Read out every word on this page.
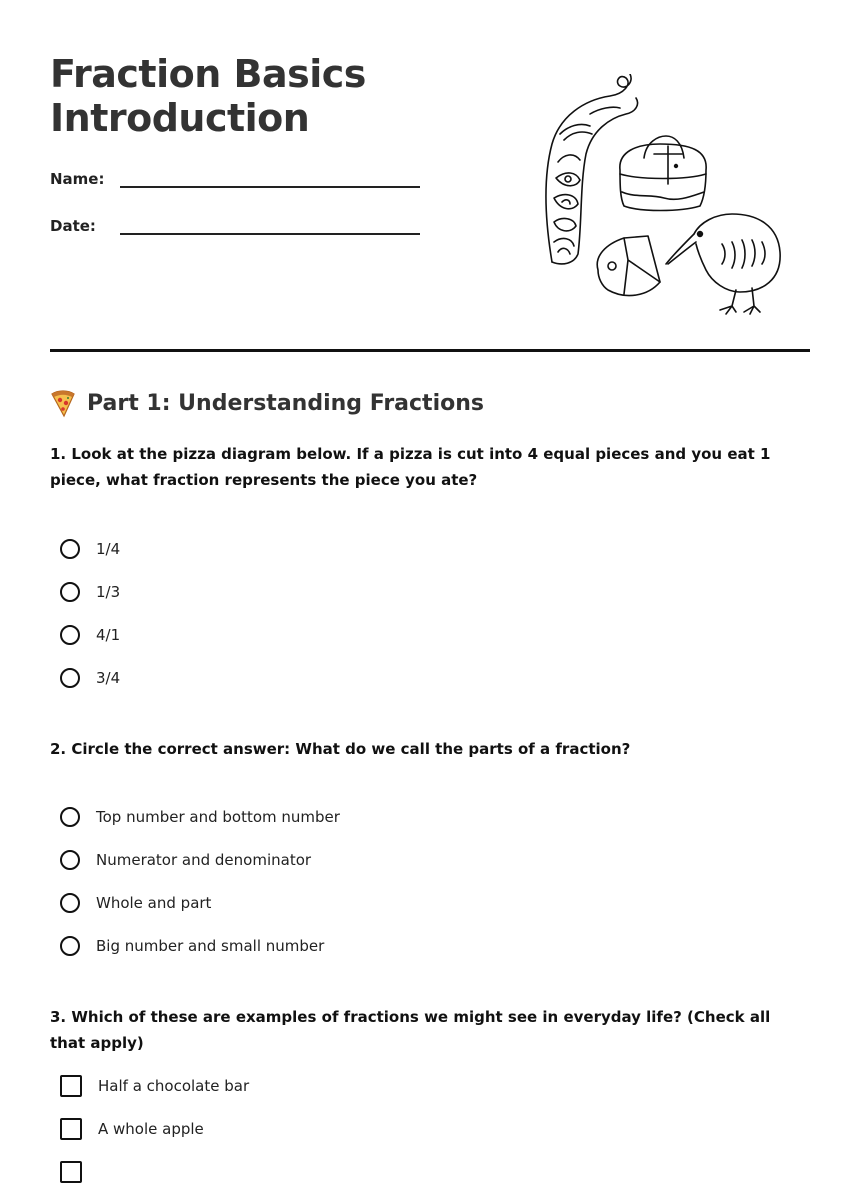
Fraction Basics
Introduction
Name:
Date:
Part 1: Understanding Fractions

1. Look at the pizza diagram below. If a pizza is cut into 4 equal pieces and you eat 1 piece, what fraction represents the piece you ate?

1/4
1/3
4/1
3/4

2. Circle the correct answer: What do we call the parts of a fraction?

Top number and bottom number
Numerator and denominator
Whole and part
Big number and small number

3. Which of these are examples of fractions we might see in everyday life? (Check all that apply)

Half a chocolate bar
A whole apple
